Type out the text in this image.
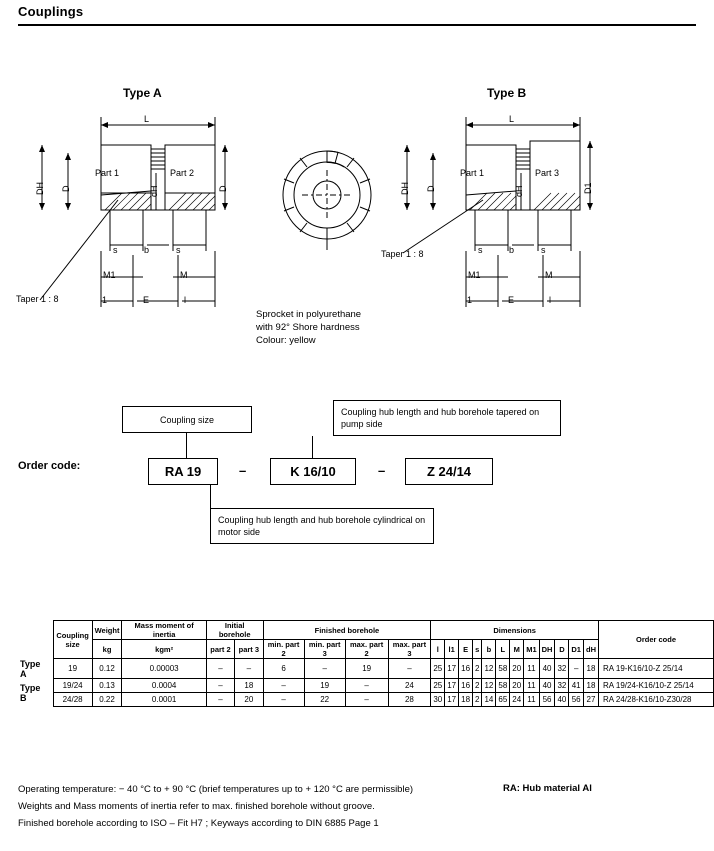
Couplings
Type A	Type B
L
DH D	dH	D
Part 1	Part 2
s	b	s
M1	M
l1	E	l
Taper 1 : 8
Sprocket in polyurethane
with 92° Shore hardness
Colour: yellow
L
DH D	dH	D1
Part 1	Part 3
s	b	s
M1	M
l1	E	l
Taper 1 : 8
Order code:
Coupling size
Coupling hub length and hub borehole tapered on pump side
Coupling hub length and hub borehole cylindrical on motor side
RA 19	–	K 16/10	–	Z 24/14
	Coupling size	Weight	Mass moment of inertia	Initial borehole		Finished borehole				Dimensions												Order code
		kg	kgm²	part 2	part 3	min. part 2	min. part 3	max. part 2	max. part 3	l	l1	E	s	b	L	M	M1	DH	D	D1	dH	
Type A	19	0.12	0.00003	–	–	6	–	19	–	25	17	16	2	12	58	20	11	40	32	–	18	RA 19-K16/10-Z 25/14
Type B	19/24	0.13	0.0004	–	18	–	19	–	24	25	17	16	2	12	58	20	11	40	32	41	18	RA 19/24-K16/10-Z 25/14
	24/28	0.22	0.0001	–	20	–	22	–	28	30	17	18	2	14	65	24	11	56	40	56	27	RA 24/28-K16/10-Z30/28
Operating temperature: − 40 °C to + 90 °C (brief temperatures up to + 120 °C are permissible)
Weights and Mass moments of inertia refer to max. finished borehole without groove.
Finished borehole according to ISO – Fit H7 ; Keyways according to DIN 6885 Page 1
RA: Hub material Al
